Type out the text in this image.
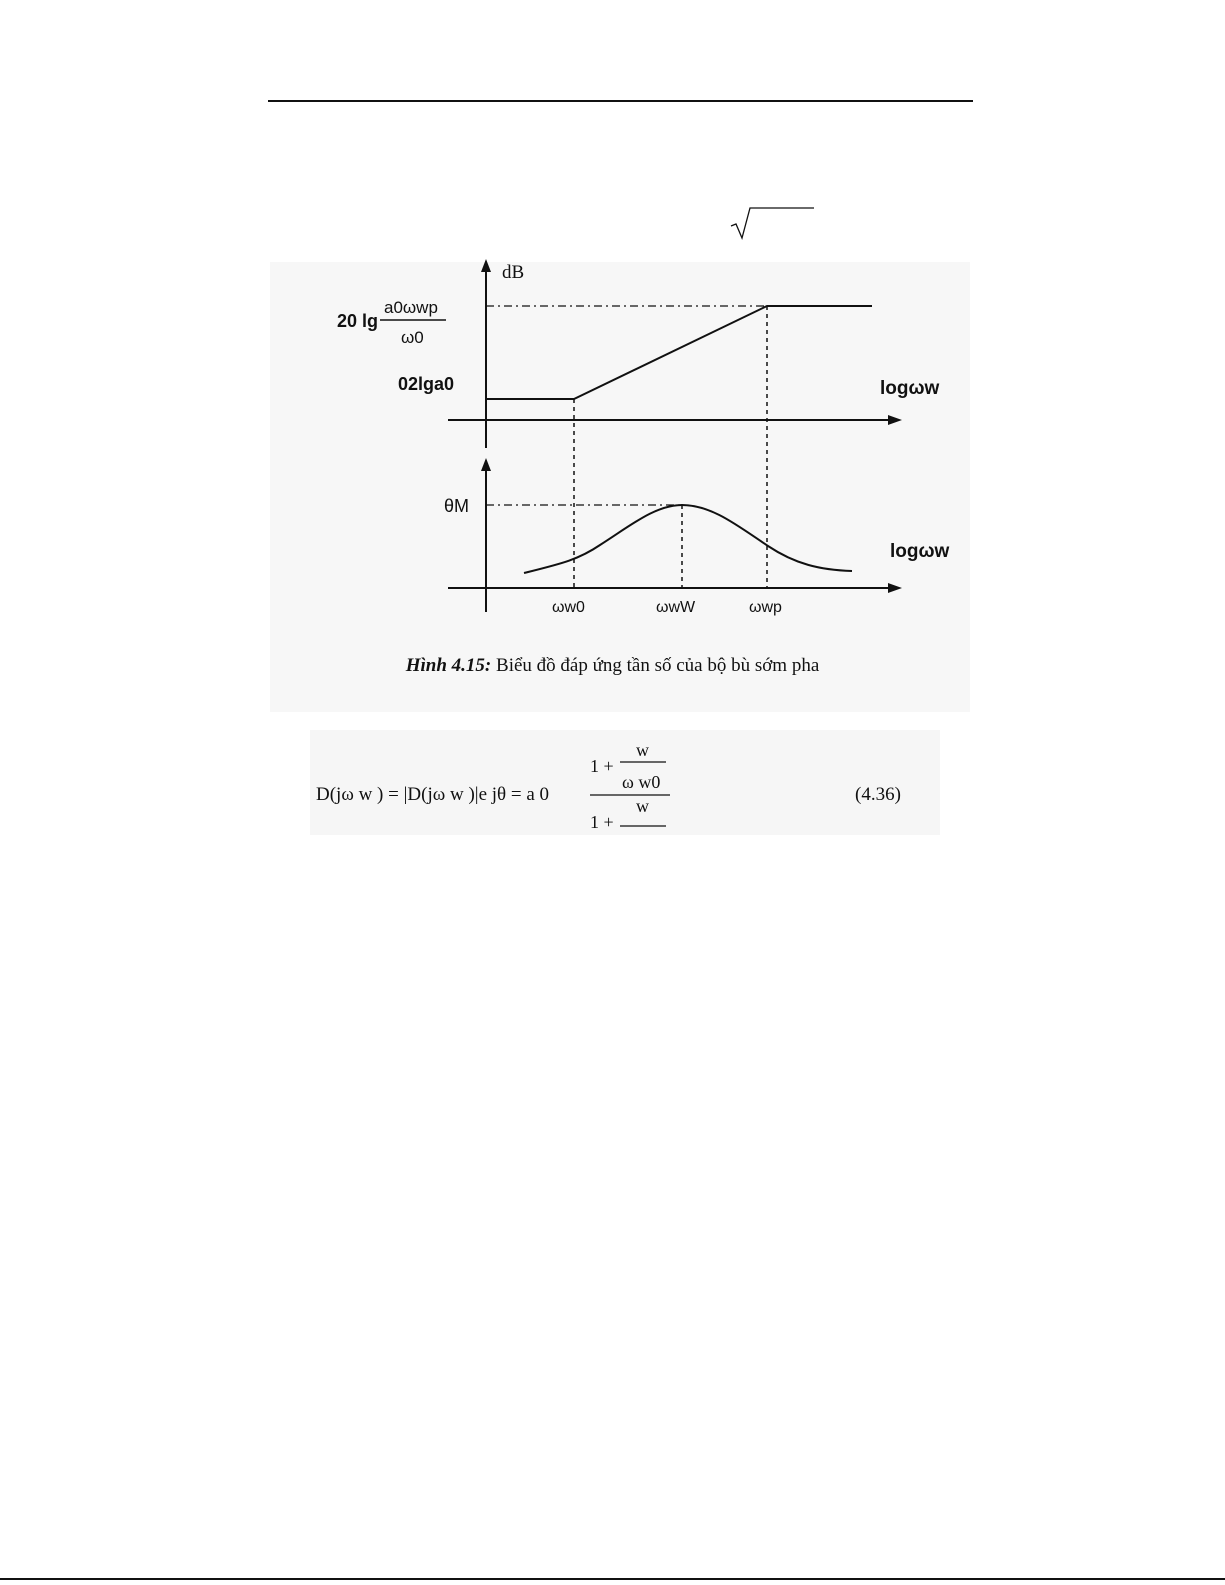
dB
20 lg
a0ωwp
ω0
02lga0	logωw
logωw
θM
ωw0	ωwW	ωwp
Hình 4.15: Biểu đồ đáp ứng tần số của bộ bù sớm pha
D(jω w ) = |D(jω w )|e jθ = a 0
1 +
w
ω w0
1 +
w
(4.36)
